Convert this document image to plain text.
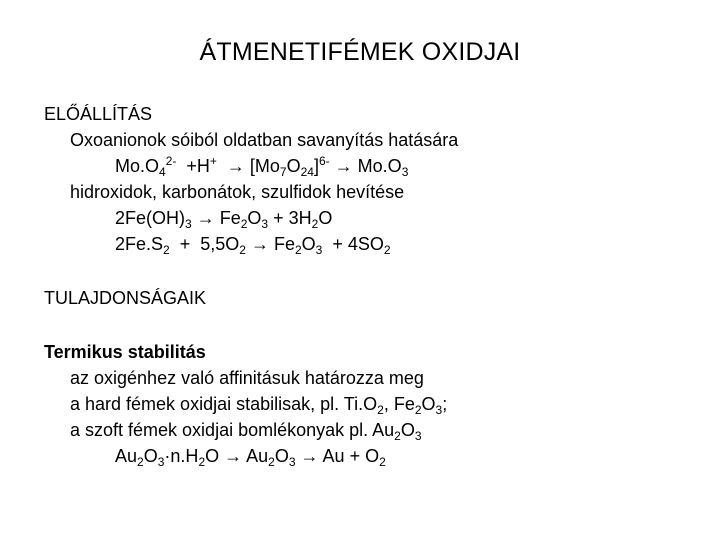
ÁTMENETIFÉMEK OXIDJAI
ELŐÁLLÍTÁS
Oxoanionok sóiból oldatban savanyítás hatására
$Mo.O_4^{2-} +H^+ \to [Mo_7O_{24}]^{6-} \to Mo.O_3$
hidroxidok, karbonátok, szulfidok hevítése
$2Fe(OH)_3 \to Fe_2O_3 + 3H_2O$
$2Fe.S_2 + 5,5O_2 \to Fe_2O_3 + 4SO_2$
TULAJDONSÁGAIK
Termikus stabilitás
az oxigénhez való affinitásuk határozza meg
a hard fémek oxidjai stabilisak, pl. $Ti.O_2$, $Fe_2O_3$;
a szoft fémek oxidjai bomlékonyak pl. $Au_2O_3$
$Au_2O_3\cdot n.H_2O \to Au_2O_3 \to Au + O_2$
